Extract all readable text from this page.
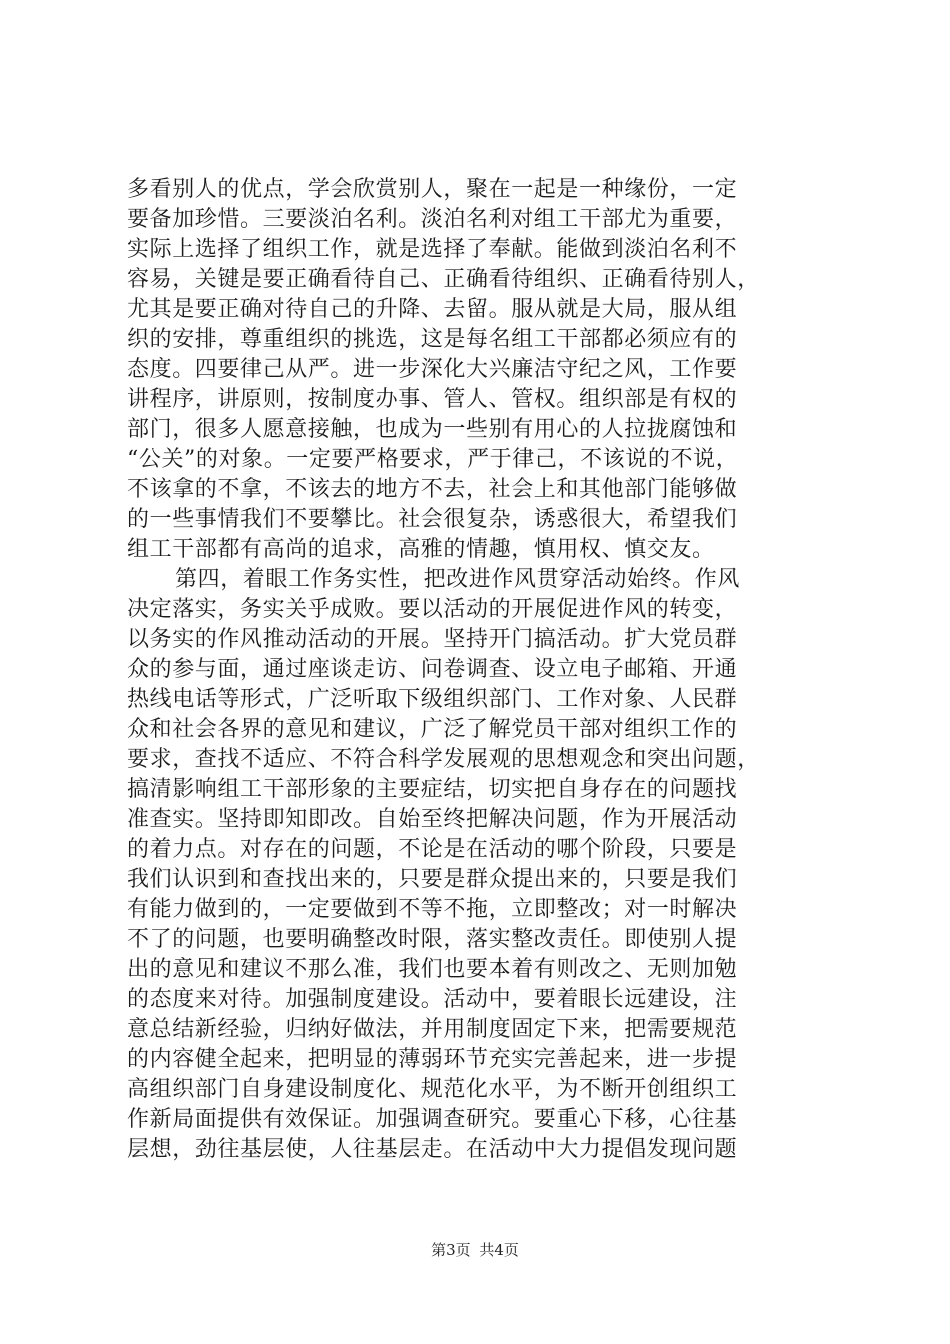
多看别人的优点，学会欣赏别人，聚在一起是一种缘份，一定
要备加珍惜。三要淡泊名利。淡泊名利对组工干部尤为重要，
实际上选择了组织工作，就是选择了奉献。能做到淡泊名利不
容易，关键是要正确看待自己、正确看待组织、正确看待别人，
尤其是要正确对待自己的升降、去留。服从就是大局，服从组
织的安排，尊重组织的挑选，这是每名组工干部都必须应有的
态度。四要律己从严。进一步深化大兴廉洁守纪之风，工作要
讲程序，讲原则，按制度办事、管人、管权。组织部是有权的
部门，很多人愿意接触，也成为一些别有用心的人拉拢腐蚀和
“公关”的对象。一定要严格要求，严于律己，不该说的不说，
不该拿的不拿，不该去的地方不去，社会上和其他部门能够做
的一些事情我们不要攀比。社会很复杂，诱惑很大，希望我们
组工干部都有高尚的追求，高雅的情趣，慎用权、慎交友。
第四，着眼工作务实性，把改进作风贯穿活动始终。作风
决定落实，务实关乎成败。要以活动的开展促进作风的转变，
以务实的作风推动活动的开展。坚持开门搞活动。扩大党员群
众的参与面，通过座谈走访、问卷调查、设立电子邮箱、开通
热线电话等形式，广泛听取下级组织部门、工作对象、人民群
众和社会各界的意见和建议，广泛了解党员干部对组织工作的
要求，查找不适应、不符合科学发展观的思想观念和突出问题，
搞清影响组工干部形象的主要症结，切实把自身存在的问题找
准查实。坚持即知即改。自始至终把解决问题，作为开展活动
的着力点。对存在的问题，不论是在活动的哪个阶段，只要是
我们认识到和查找出来的，只要是群众提出来的，只要是我们
有能力做到的，一定要做到不等不拖，立即整改；对一时解决
不了的问题，也要明确整改时限，落实整改责任。即使别人提
出的意见和建议不那么准，我们也要本着有则改之、无则加勉
的态度来对待。加强制度建设。活动中，要着眼长远建设，注
意总结新经验，归纳好做法，并用制度固定下来，把需要规范
的内容健全起来，把明显的薄弱环节充实完善起来，进一步提
高组织部门自身建设制度化、规范化水平，为不断开创组织工
作新局面提供有效保证。加强调查研究。要重心下移，心往基
层想，劲往基层使，人往基层走。在活动中大力提倡发现问题
第3页 共4页
